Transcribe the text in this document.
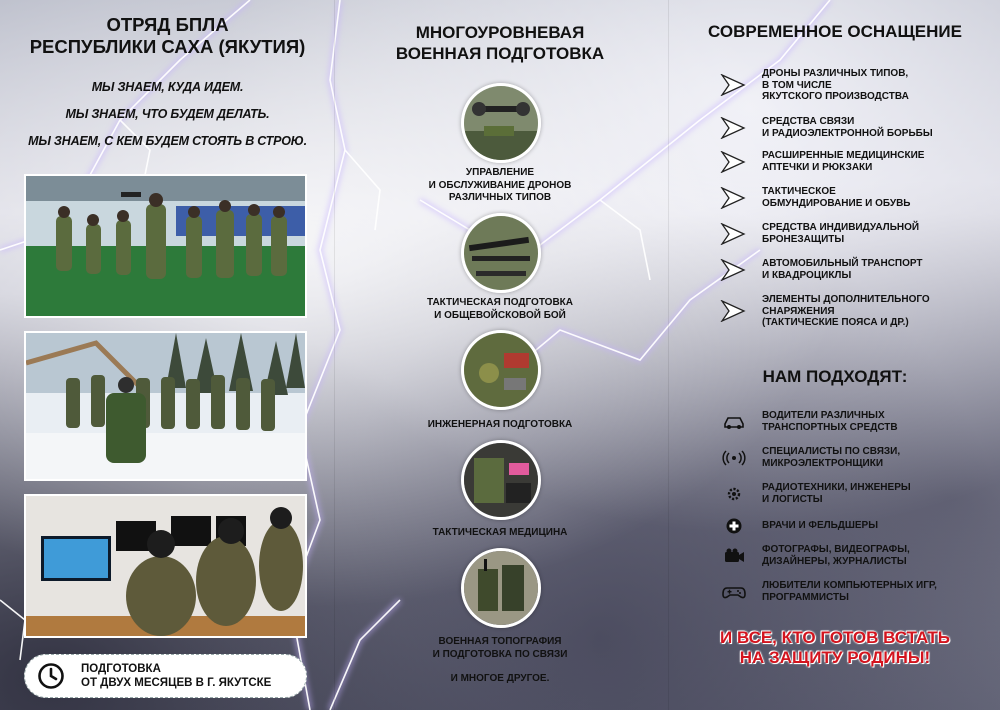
ОТРЯД БПЛА
РЕСПУБЛИКИ САХА (ЯКУТИЯ)
МЫ ЗНАЕМ, КУДА ИДЕМ.
МЫ ЗНАЕМ, ЧТО БУДЕМ ДЕЛАТЬ.
МЫ ЗНАЕМ, С КЕМ БУДЕМ СТОЯТЬ В СТРОЮ.
ПОДГОТОВКА
ОТ ДВУХ МЕСЯЦЕВ В Г. ЯКУТСКЕ
МНОГОУРОВНЕВАЯ
ВОЕННАЯ ПОДГОТОВКА
УПРАВЛЕНИЕ
И ОБСЛУЖИВАНИЕ ДРОНОВ
РАЗЛИЧНЫХ ТИПОВ
ТАКТИЧЕСКАЯ ПОДГОТОВКА
И ОБЩЕВОЙСКОВОЙ БОЙ
ИНЖЕНЕРНАЯ ПОДГОТОВКА
ТАКТИЧЕСКАЯ МЕДИЦИНА
ВОЕННАЯ ТОПОГРАФИЯ
И ПОДГОТОВКА ПО СВЯЗИ
И МНОГОЕ ДРУГОЕ.
СОВРЕМЕННОЕ ОСНАЩЕНИЕ
ДРОНЫ РАЗЛИЧНЫХ ТИПОВ,
В ТОМ ЧИСЛЕ
ЯКУТСКОГО ПРОИЗВОДСТВА
СРЕДСТВА СВЯЗИ
И РАДИОЭЛЕКТРОННОЙ БОРЬБЫ
РАСШИРЕННЫЕ МЕДИЦИНСКИЕ
АПТЕЧКИ И РЮКЗАКИ
ТАКТИЧЕСКОЕ
ОБМУНДИРОВАНИЕ И ОБУВЬ
СРЕДСТВА ИНДИВИДУАЛЬНОЙ
БРОНЕЗАЩИТЫ
АВТОМОБИЛЬНЫЙ ТРАНСПОРТ
И КВАДРОЦИКЛЫ
ЭЛЕМЕНТЫ ДОПОЛНИТЕЛЬНОГО
СНАРЯЖЕНИЯ
(ТАКТИЧЕСКИЕ ПОЯСА И ДР.)
НАМ ПОДХОДЯТ:
ВОДИТЕЛИ РАЗЛИЧНЫХ
ТРАНСПОРТНЫХ СРЕДСТВ
СПЕЦИАЛИСТЫ ПО СВЯЗИ,
МИКРОЭЛЕКТРОНЩИКИ
РАДИОТЕХНИКИ, ИНЖЕНЕРЫ
И ЛОГИСТЫ
ВРАЧИ И ФЕЛЬДШЕРЫ
ФОТОГРАФЫ, ВИДЕОГРАФЫ,
ДИЗАЙНЕРЫ, ЖУРНАЛИСТЫ
ЛЮБИТЕЛИ КОМПЬЮТЕРНЫХ ИГР,
ПРОГРАММИСТЫ
И ВСЕ, КТО ГОТОВ ВСТАТЬ
НА ЗАЩИТУ РОДИНЫ!
